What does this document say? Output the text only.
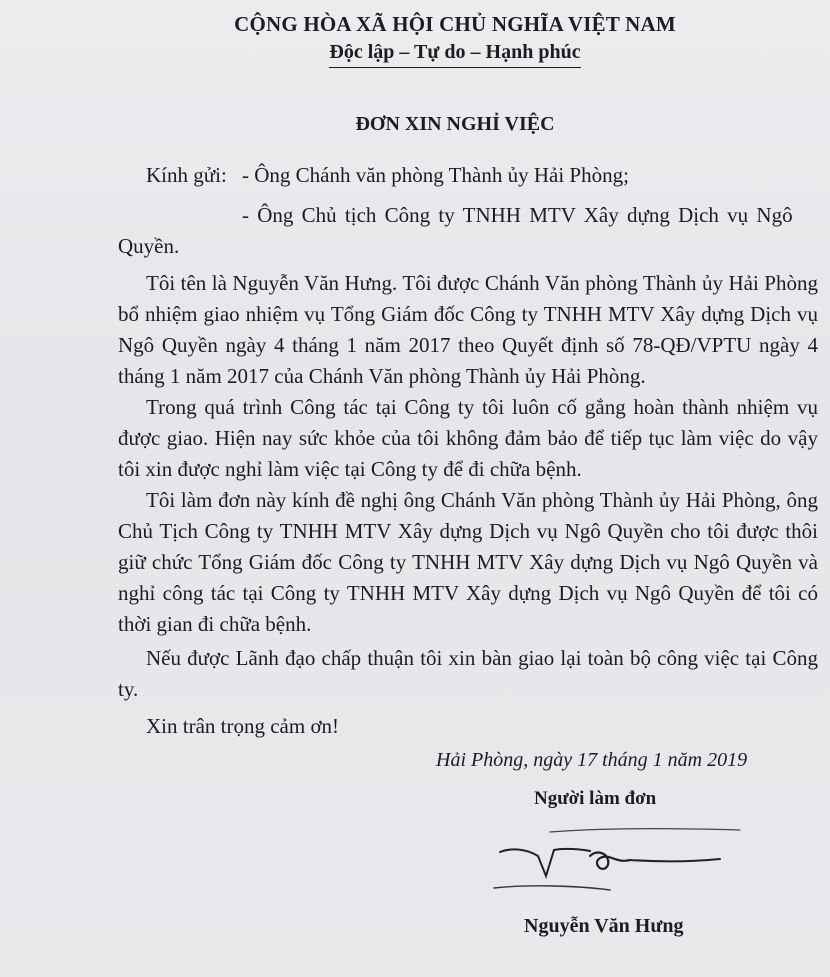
CỘNG HÒA XÃ HỘI CHỦ NGHĨA VIỆT NAM
Độc lập – Tự do – Hạnh phúc
ĐƠN XIN NGHỈ VIỆC
Kính gửi: - Ông Chánh văn phòng Thành ủy Hải Phòng;
- Ông Chủ tịch Công ty TNHH MTV Xây dựng Dịch vụ Ngô
Quyền.

Tôi tên là Nguyễn Văn Hưng. Tôi được Chánh Văn phòng Thành ủy Hải Phòng bổ nhiệm giao nhiệm vụ Tổng Giám đốc Công ty TNHH MTV Xây dựng Dịch vụ Ngô Quyền ngày 4 tháng 1 năm 2017 theo Quyết định số 78-QĐ/VPTU ngày 4 tháng 1 năm 2017 của Chánh Văn phòng Thành ủy Hải Phòng.

Trong quá trình Công tác tại Công ty tôi luôn cố gắng hoàn thành nhiệm vụ được giao. Hiện nay sức khỏe của tôi không đảm bảo để tiếp tục làm việc do vậy tôi xin được nghỉ làm việc tại Công ty để đi chữa bệnh.

Tôi làm đơn này kính đề nghị ông Chánh Văn phòng Thành ủy Hải Phòng, ông Chủ Tịch Công ty TNHH MTV Xây dựng Dịch vụ Ngô Quyền cho tôi được thôi giữ chức Tổng Giám đốc Công ty TNHH MTV Xây dựng Dịch vụ Ngô Quyền và nghỉ công tác tại Công ty TNHH MTV Xây dựng Dịch vụ Ngô Quyền để tôi có thời gian đi chữa bệnh.

Nếu được Lãnh đạo chấp thuận tôi xin bàn giao lại toàn bộ công việc tại Công ty.

Xin trân trọng cảm ơn!
Hải Phòng, ngày 17 tháng 1 năm 2019
Người làm đơn
Nguyễn Văn Hưng
